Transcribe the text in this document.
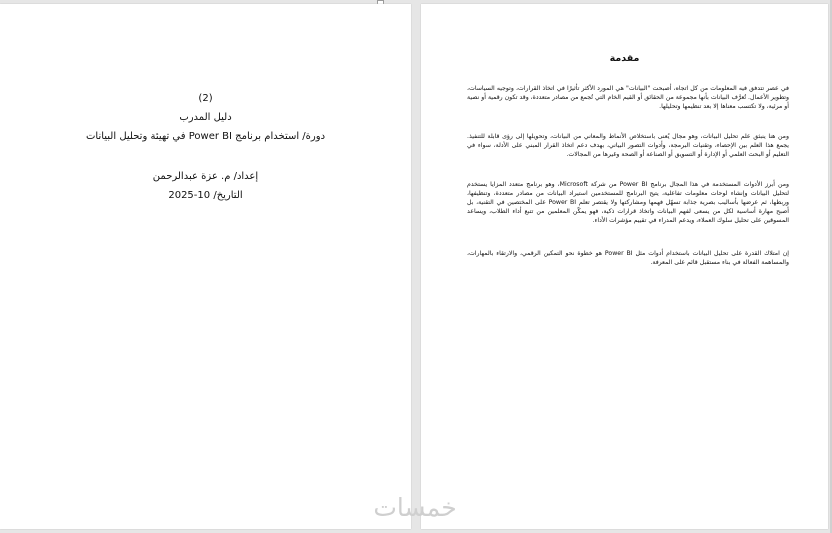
(2)
دليل المدرب
دورة/ استخدام برنامج Power BI في تهيئة وتحليل البيانات
إعداد/ م. عزة عبدالرحمن
التاريخ/ 10-2025
مقدمة
في عصر تتدفق فيه المعلومات من كل اتجاه، أصبحت "البيانات" هي المورد الأكثر تأثيرًا في اتخاذ القرارات، وتوجيه السياسات، وتطوير الأعمال. تُعرَّف البيانات بأنها مجموعة من الحقائق أو القيم الخام التي تُجمع من مصادر متعددة، وقد تكون رقمية أو نصية أو مرئية، ولا تكتسب معناها إلا بعد تنظيمها وتحليلها.
ومن هنا ينبثق علم تحليل البيانات، وهو مجال يُعنى باستخلاص الأنماط والمعاني من البيانات، وتحويلها إلى رؤى قابلة للتنفيذ. يجمع هذا العلم بين الإحصاء، وتقنيات البرمجة، وأدوات التصور البياني، بهدف دعم اتخاذ القرار المبني على الأدلة، سواء في التعليم أو البحث العلمي أو الإدارة أو التسويق أو الصناعة أو الصحة وغيرها من المجالات.
ومن أبرز الأدوات المستخدمة في هذا المجال برنامج Power BI من شركة Microsoft، وهو برنامج متعدد المزايا يستخدم لتحليل البيانات وإنشاء لوحات معلومات تفاعلية، يتيح البرنامج للمستخدمين استيراد البيانات من مصادر متعددة، وتنظيفها، وربطها، ثم عرضها بأساليب بصرية جذابة تسهّل فهمها ومشاركتها ولا يقتصر تعلم Power BI على المختصين في التقنية، بل أصبح مهارة أساسية لكل من يسعى لفهم البيانات واتخاذ قرارات ذكية، فهو يمكّن المعلمين من تتبع أداء الطلاب، ويساعد المسوقين على تحليل سلوك العملاء، ويدعم المدراء في تقييم مؤشرات الأداء.
إن امتلاك القدرة على تحليل البيانات باستخدام أدوات مثل Power BI هو خطوة نحو التمكين الرقمي، والارتقاء بالمهارات، والمساهمة الفعالة في بناء مستقبل قائم على المعرفة.
خمسات
